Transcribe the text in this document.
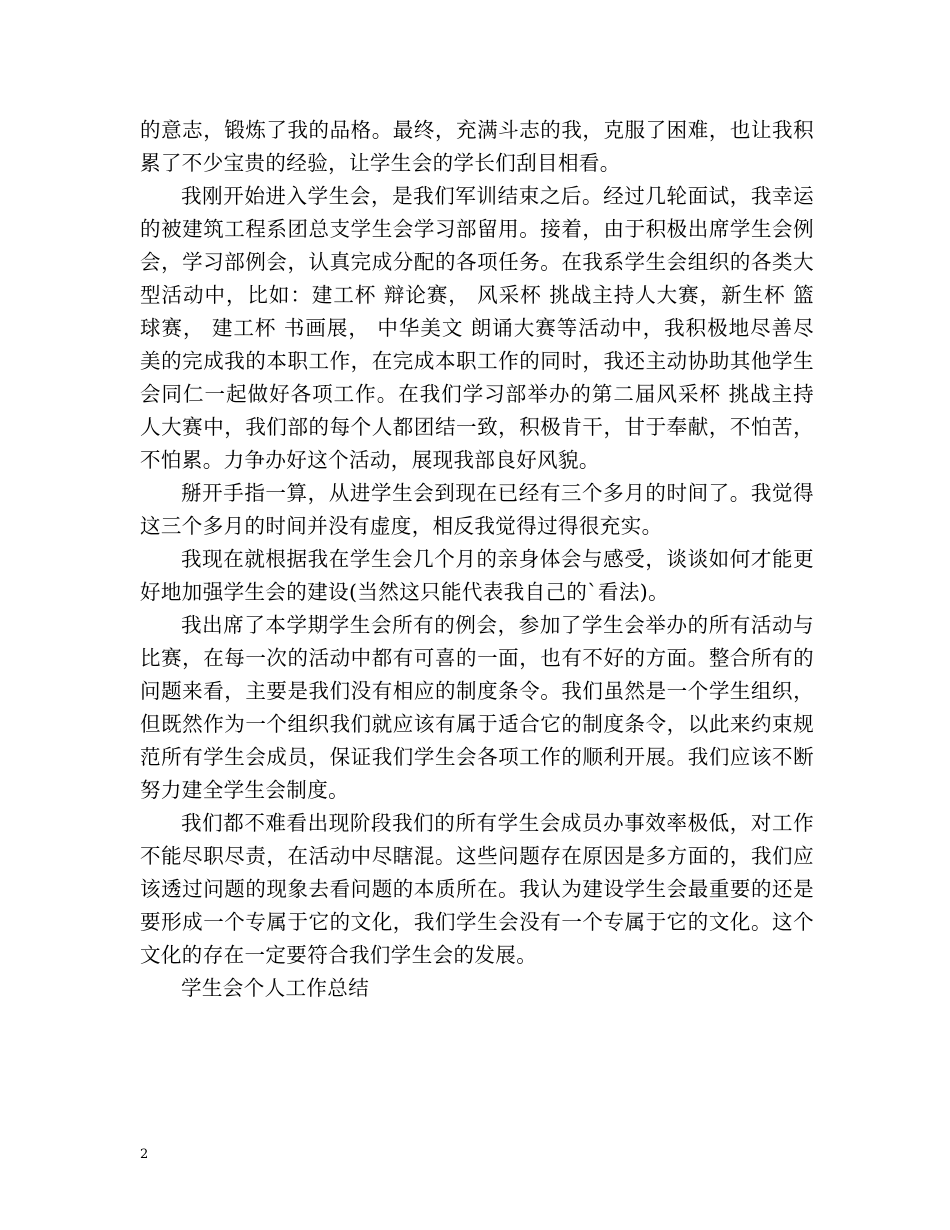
的意志，锻炼了我的品格。最终，充满斗志的我，克服了困难，也让我积累了不少宝贵的经验，让学生会的学长们刮目相看。

我刚开始进入学生会，是我们军训结束之后。经过几轮面试，我幸运的被建筑工程系团总支学生会学习部留用。接着，由于积极出席学生会例会，学习部例会，认真完成分配的各项任务。在我系学生会组织的各类大型活动中，比如：建工杯 辩论赛， 风采杯 挑战主持人大赛，新生杯 篮球赛， 建工杯 书画展， 中华美文 朗诵大赛等活动中，我积极地尽善尽美的完成我的本职工作，在完成本职工作的同时，我还主动协助其他学生会同仁一起做好各项工作。在我们学习部举办的第二届风采杯 挑战主持人大赛中，我们部的每个人都团结一致，积极肯干，甘于奉献，不怕苦，不怕累。力争办好这个活动，展现我部良好风貌。

掰开手指一算，从进学生会到现在已经有三个多月的时间了。我觉得这三个多月的时间并没有虚度，相反我觉得过得很充实。

我现在就根据我在学生会几个月的亲身体会与感受，谈谈如何才能更好地加强学生会的建设(当然这只能代表我自己的`看法)。

我出席了本学期学生会所有的例会，参加了学生会举办的所有活动与比赛，在每一次的活动中都有可喜的一面，也有不好的方面。整合所有的问题来看，主要是我们没有相应的制度条令。我们虽然是一个学生组织，但既然作为一个组织我们就应该有属于适合它的制度条令，以此来约束规范所有学生会成员，保证我们学生会各项工作的顺利开展。我们应该不断努力建全学生会制度。

我们都不难看出现阶段我们的所有学生会成员办事效率极低，对工作不能尽职尽责，在活动中尽瞎混。这些问题存在原因是多方面的，我们应该透过问题的现象去看问题的本质所在。我认为建设学生会最重要的还是要形成一个专属于它的文化，我们学生会没有一个专属于它的文化。这个文化的存在一定要符合我们学生会的发展。

学生会个人工作总结

2
